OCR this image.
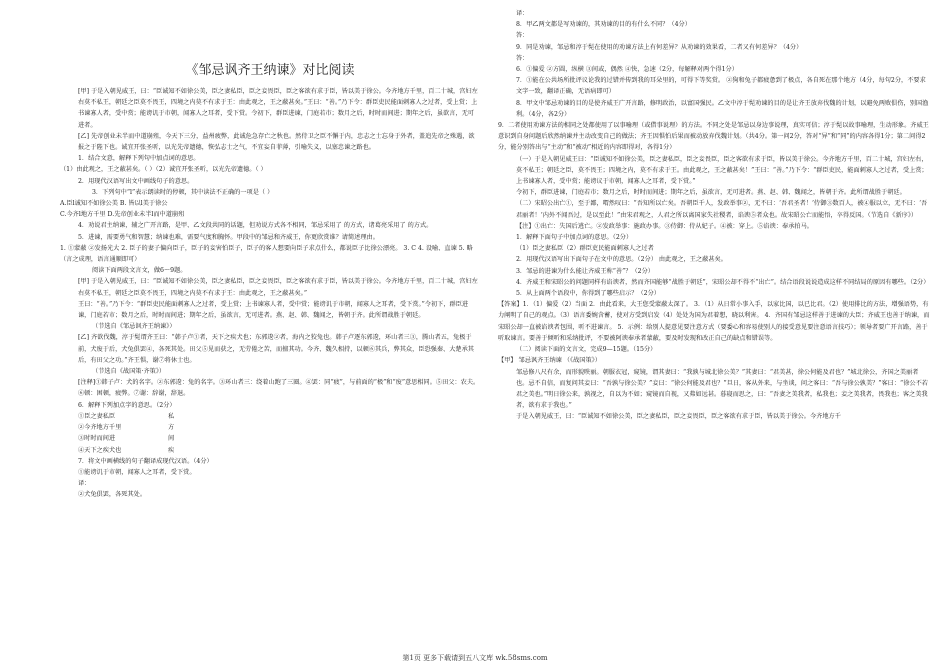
《邹忌讽齐王纳谏》对比阅读

[甲] 于是入朝见威王，曰：“臣诚知不如徐公美，臣之妻私臣，臣之妾畏臣，臣之客欲有求于臣，皆以美于徐公。今齐地方千里，百二十城，宫妇左右莫不私王，朝廷之臣莫不畏王，四境之内莫不有求于王：由此观之，王之蔽甚矣。”王曰：“善。”乃下令：群臣吏民能面刺寡人之过者，受上赏；上书谏寡人者，受中赏；能谤讥于市朝，闻寡人之耳者，受下赏。令初下，群臣进谏，门庭若市；数月之后，时时而间进；期年之后，虽欲言，无可进者。

[乙] 先帝创业未半而中道崩殂，今天下三分，益州疲弊，此诚危急存亡之秋也。然侍卫之臣不懈于内，忠志之士忘身于外者，盖追先帝之殊遇，欲报之于陛下也。诚宜开张圣听，以光先帝遗德，恢弘志士之气，不宜妄自菲薄，引喻失义，以塞忠谏之路也。

1．结合文意，解释下列句中加点词的意思。

（1）由此观之，王之蔽甚矣。（ ）（2）诚宜开张圣听，以光先帝遗德。（ ）

2．用现代汉语写出文中画线句子的意思。

3．下列句中“l”表示朗读时的停顿，其中读法不正确的一项是（ ）

A.臣l诚知不如徐公美 B. 皆以l美于徐公

C.今齐l地方千里 D.先帝创业未半l而中道崩殂

4．劝说君主纳谏，辅之广开言路，是甲、乙文段共同的话题，但劝说方式各不相同，邹忌采用了 的方式，诸葛亮采用了 的方式。

5．进谏，需要勇气和智慧；纳谏也难，需要气度和胸怀。甲段中的邹忌和齐威王，你更欣赏谁？请简述理由。

1. ①蒙蔽 ②发扬光大 2. 臣子的妻子偏向臣子，臣子的妾害怕臣子，臣子的客人想要向臣子求点什么，都说臣子比徐公漂亮。 3. C 4. 设喻、直谏 5. 略（言之成理，语言通顺即可）

阅读下面两段文言文，做6～9题。

[甲] 于是入朝见威王，曰：“臣诚知不如徐公美，臣之妻私臣，臣之妾畏臣，臣之客欲有求于臣，皆以美于徐公。今齐地方千里，百二十城，宫妇左右莫不私王，朝廷之臣莫不畏王，四境之内莫不有求于王：由此观之，王之蔽甚矣。”

王曰：“善。”乃下令：“群臣吏民能面刺寡人之过者，受上赏；上书谏寡人者，受中赏；能谤讥于市朝，闻寡人之耳者，受下赏。”令初下，群臣进谏，门庭若市；数月之后，时时而间进；期年之后，虽欲言，无可进者。燕、赵、韩、魏闻之，皆朝于齐。此所谓战胜于朝廷。

（节选自《邹忌讽齐王纳谏》）

[乙] 齐欲伐魏，淳于髡谓齐王曰：“韩子卢①者，天下之疾犬也；东郭逡②者，海内之狡兔也。韩子卢逐东郭逡，环山者三③，腾山者五，兔极于前，犬废于后，犬兔俱罢④，各死其处。田父⑤见而获之，无劳倦之苦，而擅其功。今齐、魏久相持，以顿⑥其兵，弊其众，臣恐强秦、大楚承其后，有田父之功。”齐王惧，谢⑦将休士也。

（节选自《战国策·齐策》）

[注释]①韩子卢：犬的名字。②东郭逡：兔的名字。③环山者三：绕着山跑了三圈。④罢：同“疲”，与前面的“极”和“废”意思相同。⑤田父：农夫。⑥顿：困顿，疲弊。⑦谢：辞谢，辞退。

6．解释下列加点字的意思。（2分）

①臣之妻私臣	私
②今齐地方千里	方
③时时而间进	间
④天下之疾犬也	疾

7．将文中画横线的句子翻译成现代汉语。（4分）

①能谤讥于市朝，闻寡人之耳者，受下赏。

译：

②犬兔俱罢，各死其处。

译：

8．甲乙两文都是写劝谏的，其劝谏的目的有什么不同？（4分）

答：

9．同是劝谏，邹忌和淳于髡在使用的劝谏方法上有何差异？从劝谏的效果看，二者又有何差异？（4分）

答：

6．①偏爱 ②方圆，纵横 ③间或，偶然 ④快，急速（2分，每解释对两个得1分）

7．①能在公共场所批评议论我的过错并传到我的耳朵里的，可得下等奖赏。 ②狗和兔子都疲惫到了极点，各自死在那个地方（4分，每句2分，不要求文字一致，翻译正确，无语病即可）

8．甲文中邹忌劝谏的目的是使齐威王广开言路，修明政治，以富国强民。乙文中淳于髡劝谏的目的是让齐王放弃伐魏的计划，以避免两败俱伤，别国渔利。（4分，各2分）

9．二者使用劝谏方法的相同之处都使用了以事喻理（或借事说理）的方法。不同之处是邹忌以身边事说理，真实可信；淳于髡以故事喻理，生动形象。齐威王意识到自身问题后欣然纳谏并主动改变自己的做法；齐王因惧怕后果而被动放弃伐魏计划。（共4分。第一问2分，答对“异”和“同”的内容各得1分；第二问得2分，能分别答出与“主动”和“被动”相近的内容即得对，各得1分）

（一）于是入朝见威王曰：“臣诚知不如徐公美，臣之妻私臣，臣之妾畏臣，臣之客欲有求于臣，皆以美于徐公。今齐地方千里，百二十城，宫妇左右，莫不私王；朝廷之臣，莫不畏王；四境之内，莫不有求于王。由此观之，王之蔽甚矣！”王曰：“善。”乃下令：“群臣吏民，能面刺寡人之过者，受上赏；上书谏寡人者，受中赏；能谤议于市朝，闻寡人之耳者，受下赏。”

令初下，群臣进谏，门庭若市；数月之后，时时而间进；期年之后，虽欲言，无可进者。燕、赵、韩、魏闻之，皆朝于齐。此所谓战胜于朝廷。

（二）宋昭公出亡①，至于鄙，喟然叹曰：“吾知所以亡矣。吾朝臣千人，发政举事②，无不曰：‘吾君圣者！’侍御③数百人，被④服以立，无不曰：‘吾君丽者！’内外不闻吾过，是以至此！”由宋君观之，人君之所以离国家失社稷者，谄谀⑤者众也。故宋昭公亡而能悟，卒得反国。（节选自《新序》）

【注】①出亡：失国后逃亡。②发政举事：施政办事。③侍御：侍从妃子。④被：穿上。⑤谄谀：奉承拍马。

1．解释下面句子中加点词的意思。（2分）

（1）臣之妻私臣（2）群臣吏民能面刺寡人之过者

2．用现代汉语写出下面句子在文中的意思。（2分） 由此观之，王之蔽甚矣。

3．邹忌的进谏为什么能让齐威王称“善”？（2分）

4．齐威王和宋昭公的问题同样有谄谀者，然而齐国能够“战胜于朝廷”，宋昭公却不得不“出亡”。结合语段说说造成这样不同结局的原因有哪些。（2分）

5．从上面两个语段中，你得到了哪些启示？（2分）

【答案】1．（1）偏爱（2）当面 2．由此看来，大王您受蒙蔽太深了。 3．（1）从日常小事入手，以家比国，以已比君。（2）使用排比的方法，增强语势，有力阐明了自己的观点。（3）语言委婉含蓄，使对方受到启发（4）处处为国为君着想，晓以利害。 4．齐国有邹忌这样善于进谏的大臣；齐威王也善于纳谏，而宋昭公却一直被谄谀者包围，听不进谏言。 5．示例：给别人提意见要注意方式（要委心和容易使别人的接受意见要注意语言技巧）；领导者要广开言路，善于听取谏言。要善于倾听和采纳批评，不要被阿谀奉承者蒙蔽，要及时发现和改正自己的缺点和错误等。

（二）阅读下面的文言文，完成9—15题。（15分）

【甲】 邹忌讽齐王纳谏 （《战国策》）

邹忌修八尺有余，而形貌昳丽。朝服衣冠，窥镜，谓其妻曰：“我孰与城北徐公美？”其妻曰：“君美甚，徐公何能及君也？”城北徐公，齐国之美丽者也。忌不自信，而复问其妾曰：“吾孰与徐公美？”妾曰：“徐公何能及君也？”旦日，客从外来，与坐谈，问之客曰：“吾与徐公孰美？”客曰：“徐公不若君之美也。”明日徐公来，孰视之，自以为不如；窥镜而自视，又弗如远甚。暮寝而思之，曰：“吾妻之美我者，私我也；妾之美我者，畏我也；客之美我者，欲有求于我也。”

于是入朝见威王，曰：“臣诚知不如徐公美，臣之妻私臣，臣之妾畏臣，臣之客欲有求于臣，皆以美于徐公。今齐地方千

第1页 更多下载请到五八文库 wk.58sms.com
